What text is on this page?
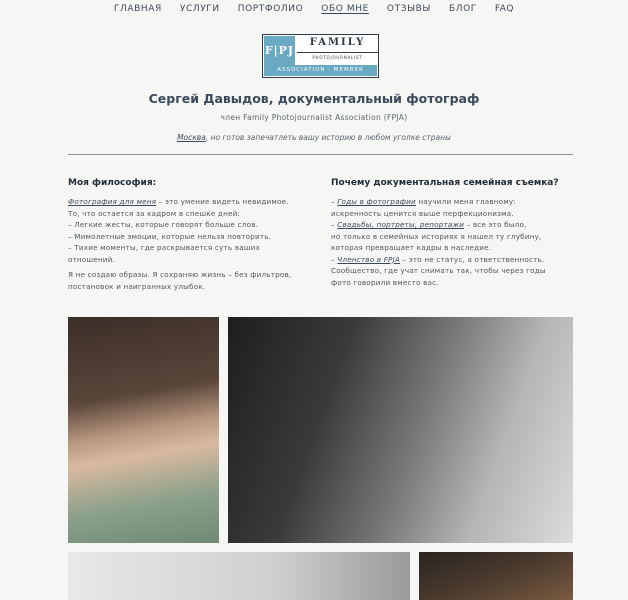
ГЛАВНАЯ УСЛУГИ ПОРТФОЛИО ОБО МНЕ ОТЗЫВЫ БЛОГ FAQ
F|PJ
FAMILY
PHOTOJOURNALIST
ASSOCIATION · MEMBER
Сергей Давыдов, документальный фотограф
член Family Photojournalist Association (FPJA)
Москва, но готов запечатлеть вашу историю в любом уголке страны
Моя философия:

Фотография для меня – это умение видеть невидимое.
То, что остается за кадром в спешке дней:
– Легкие жесты, которые говорят больше слов.
– Мимолетные эмоции, которые нельзя повторить.
– Тихие моменты, где раскрывается суть ваших
отношений.

Я не создаю образы. Я сохраняю жизнь – без фильтров,
постановок и наигранных улыбок.

Почему документальная семейная съемка?

– Годы в фотографии научили меня главному:
искренность ценится выше перфекционизма.
– Свадьбы, портреты, репортажи – все это было,
но только в семейных историях я нашел ту глубину,
которая превращает кадры в наследие.
– Членство в FPJA – это не статус, а ответственность.
Сообщество, где учат снимать так, чтобы через годы
фото говорили вместо вас.
